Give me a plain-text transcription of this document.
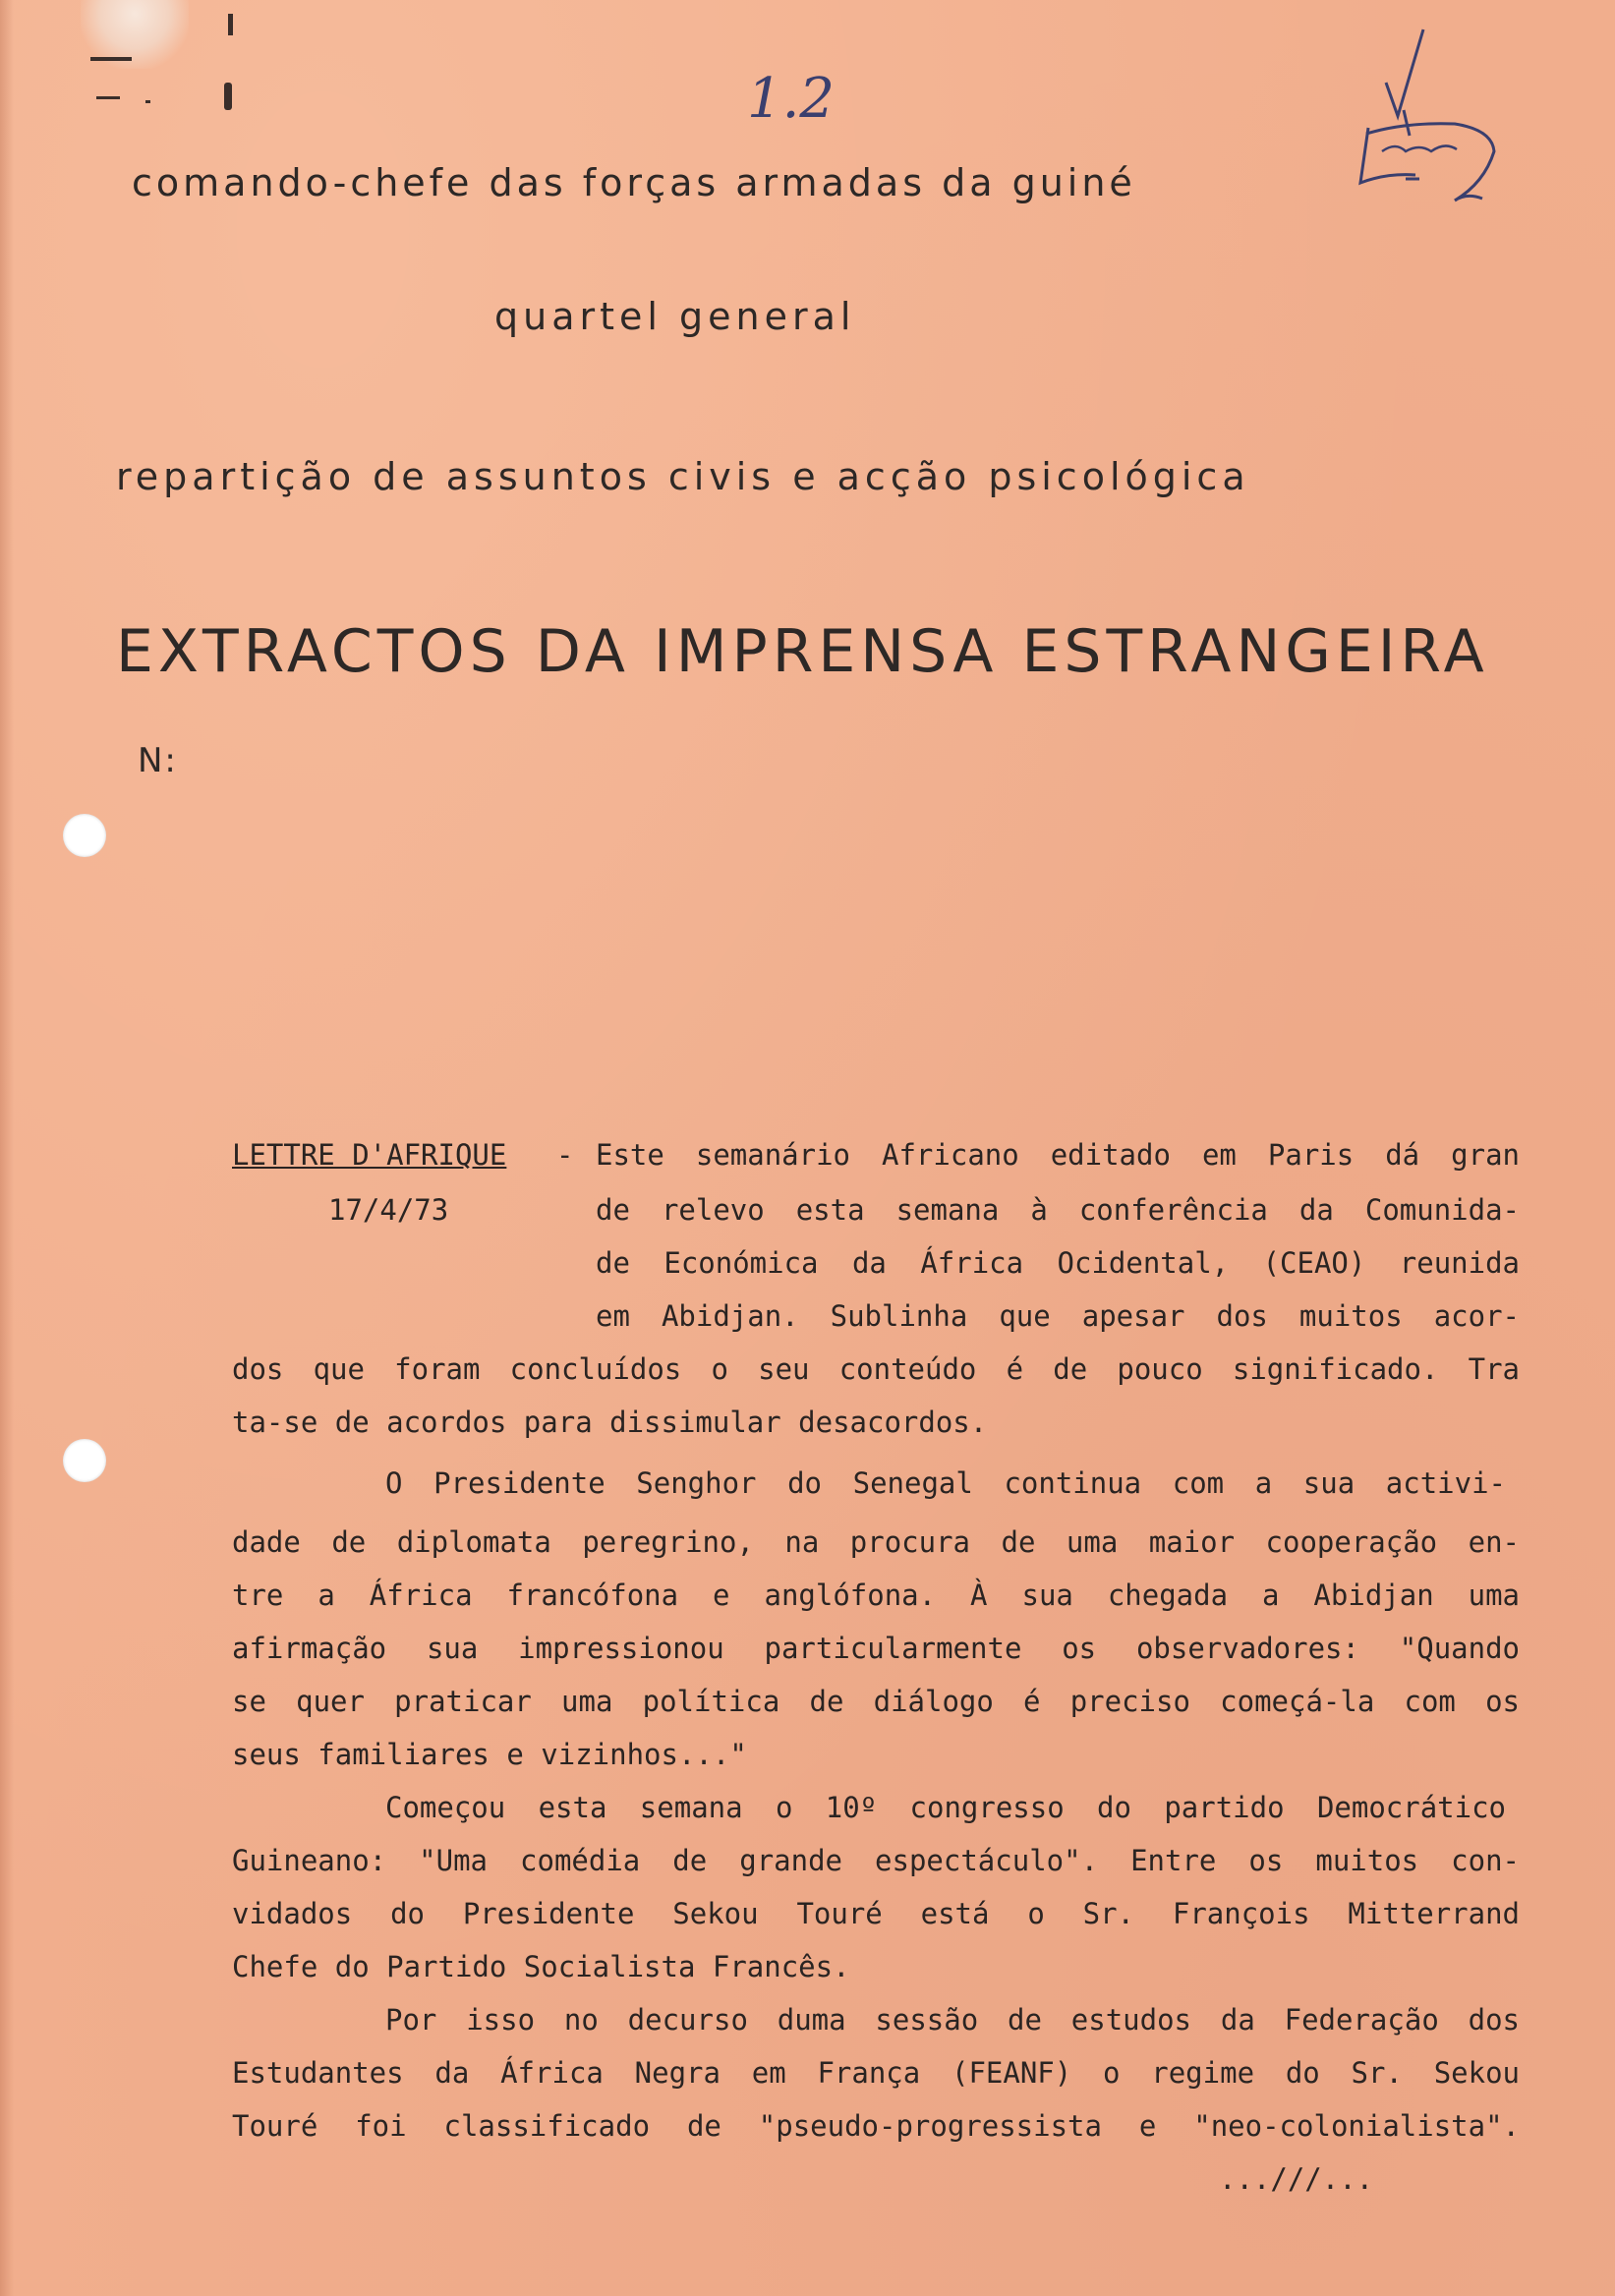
1.2
comando-chefe das forças armadas da guiné
quartel general
repartição de assuntos civis e acção psicológica
EXTRACTOS DA IMPRENSA ESTRANGEIRA
N:
LETTRE D'AFRIQUE -
17/4/73
Este semanário Africano editado em Paris dá gran
de relevo esta semana à conferência da Comunida-
de Económica da África Ocidental, (CEAO) reunida
em Abidjan. Sublinha que apesar dos muitos acor-
dos que foram concluídos o seu conteúdo é de pouco significado. Tra
ta-se de acordos para dissimular desacordos.
O Presidente Senghor do Senegal continua com a sua activi-
dade de diplomata peregrino, na procura de uma maior cooperação en-
tre a África francófona e anglófona. À sua chegada a Abidjan uma
afirmação sua impressionou particularmente os observadores: "Quando
se quer praticar uma política de diálogo é preciso começá-la com os
seus familiares e vizinhos..."
Começou esta semana o 10º congresso do partido Democrático
Guineano: "Uma comédia de grande espectáculo". Entre os muitos con-
vidados do Presidente Sekou Touré está o Sr. François Mitterrand
Chefe do Partido Socialista Francês.
Por isso no decurso duma sessão de estudos da Federação dos
Estudantes da África Negra em França (FEANF) o regime do Sr. Sekou
Touré foi classificado de "pseudo-progressista e "neo-colonialista".
...///...
